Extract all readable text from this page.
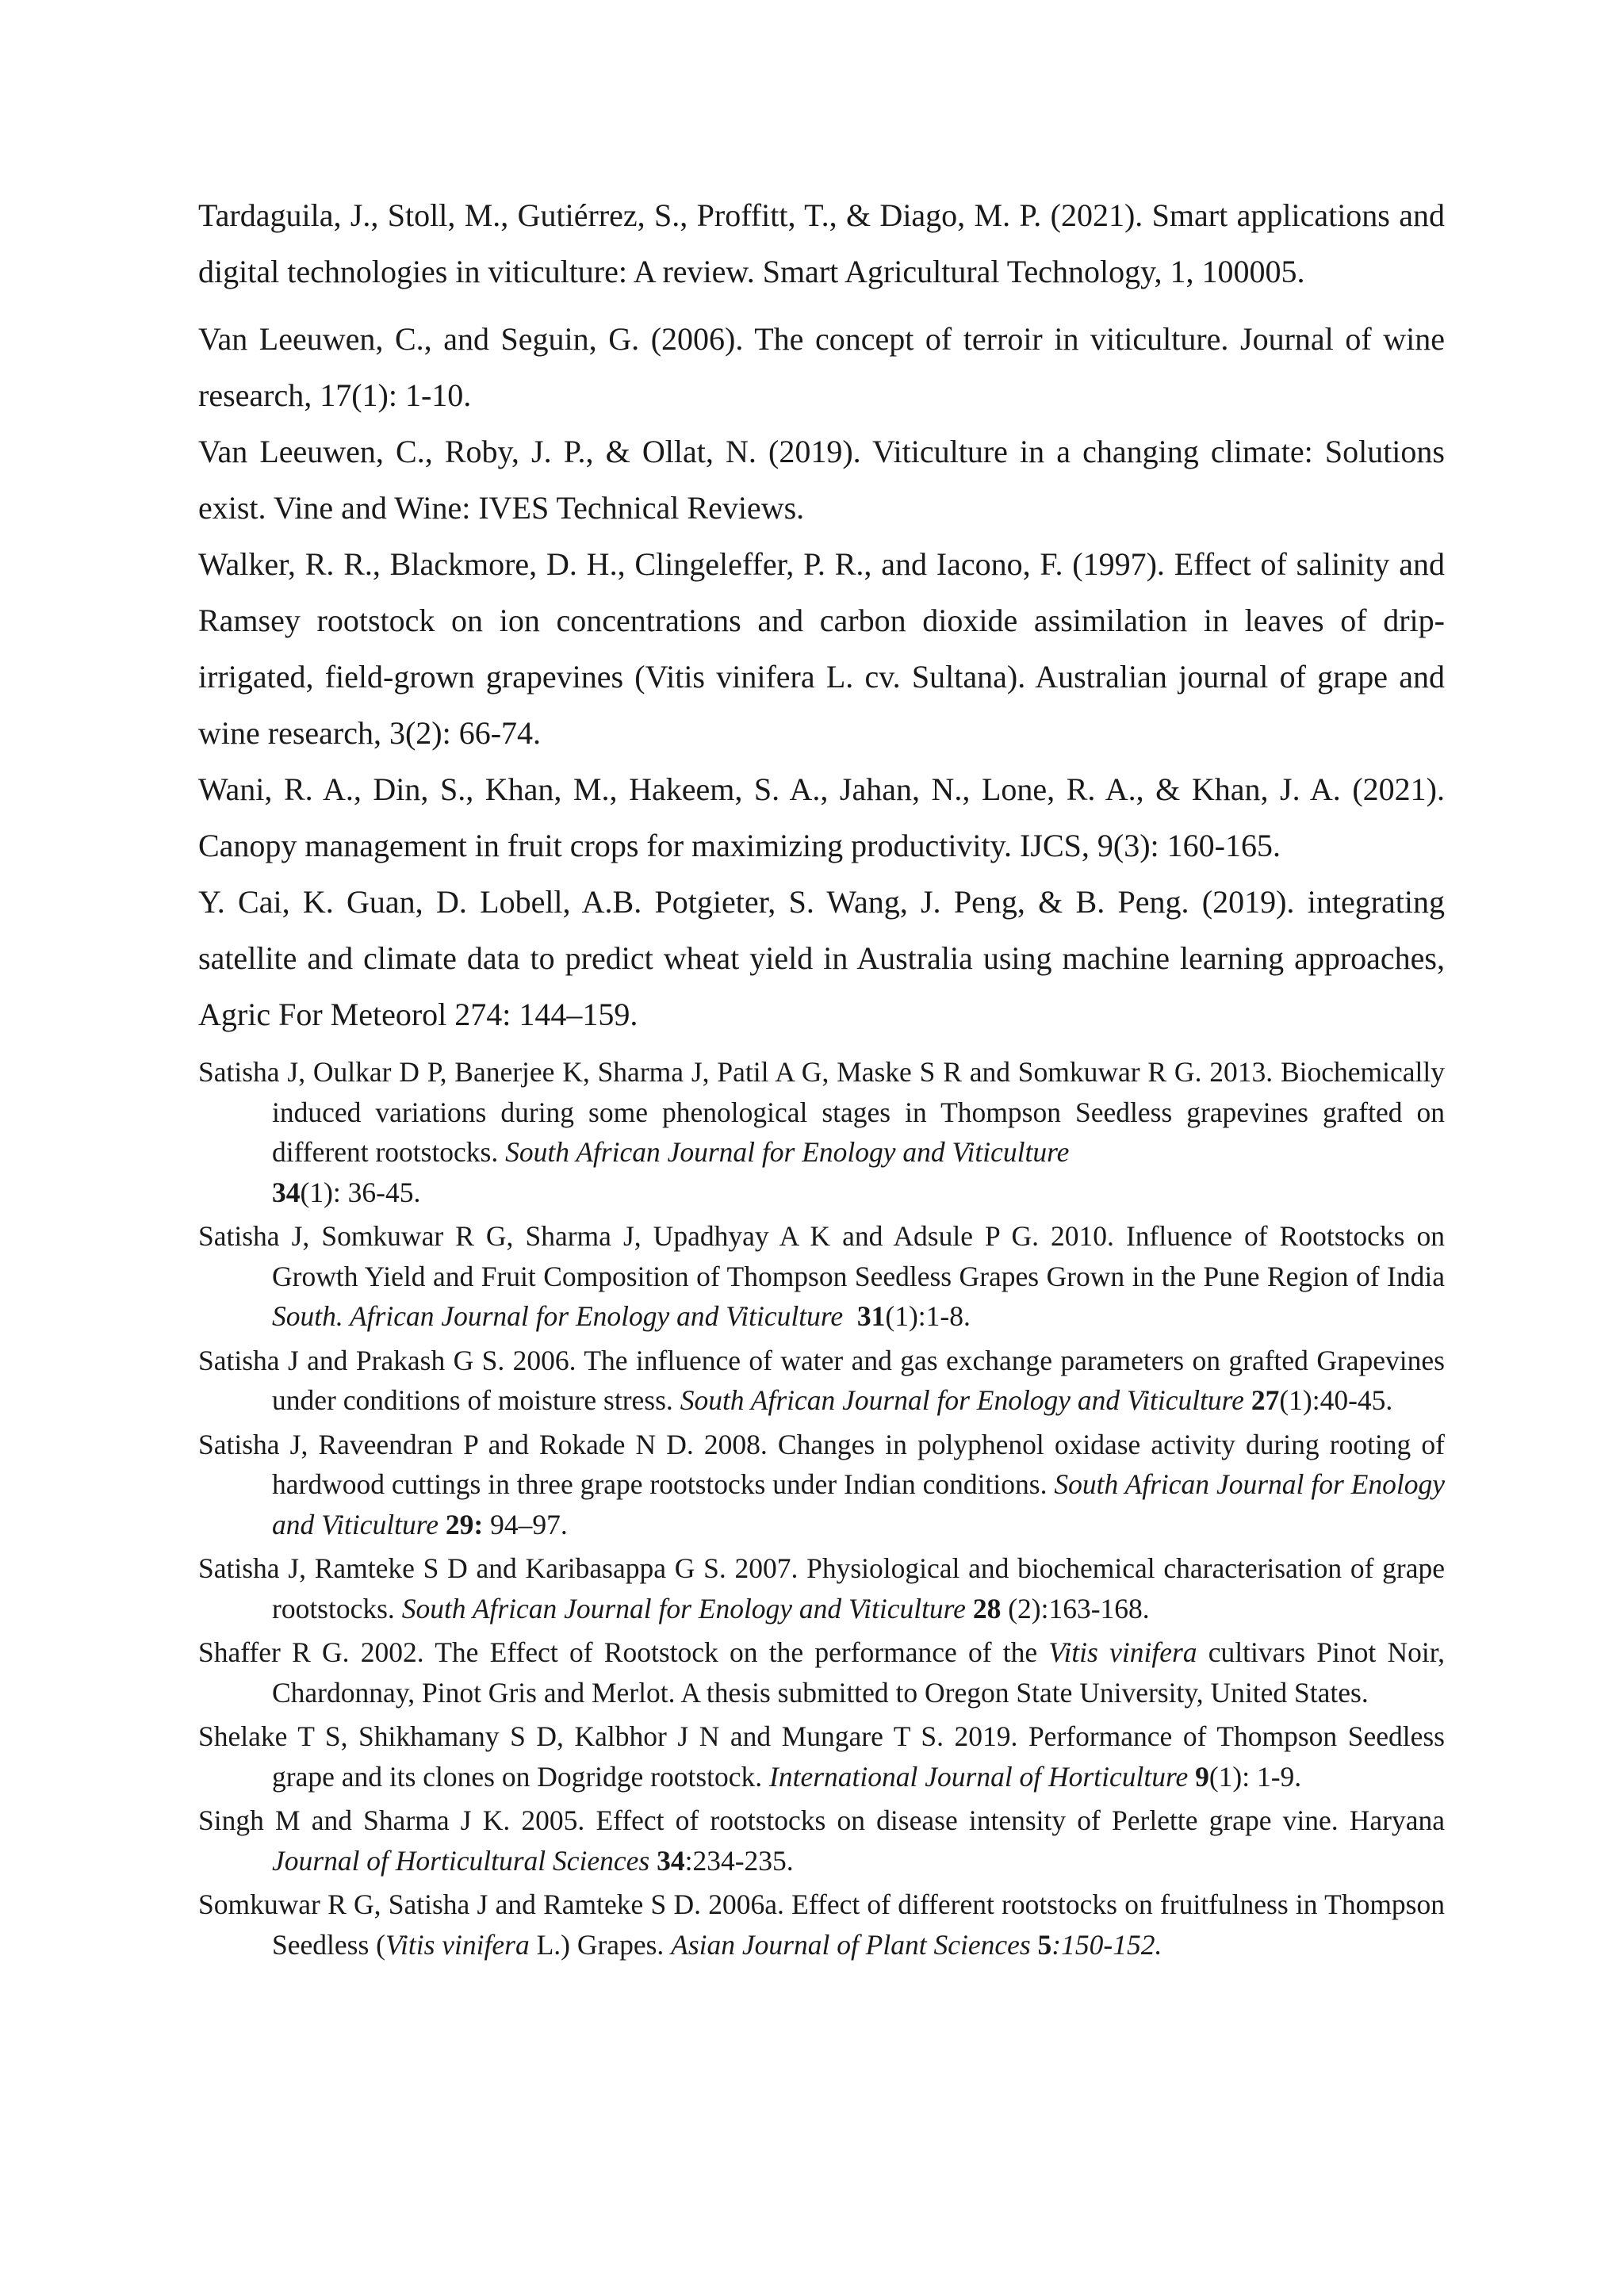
Tardaguila, J., Stoll, M., Gutiérrez, S., Proffitt, T., & Diago, M. P. (2021). Smart applications and digital technologies in viticulture: A review. Smart Agricultural Technology, 1, 100005.

Van Leeuwen, C., and Seguin, G. (2006). The concept of terroir in viticulture. Journal of wine research, 17(1): 1-10.

Van Leeuwen, C., Roby, J. P., & Ollat, N. (2019). Viticulture in a changing climate: Solutions exist. Vine and Wine: IVES Technical Reviews.

Walker, R. R., Blackmore, D. H., Clingeleffer, P. R., and Iacono, F. (1997). Effect of salinity and Ramsey rootstock on ion concentrations and carbon dioxide assimilation in leaves of drip-irrigated, field-grown grapevines (Vitis vinifera L. cv. Sultana). Australian journal of grape and wine research, 3(2): 66-74.

Wani, R. A., Din, S., Khan, M., Hakeem, S. A., Jahan, N., Lone, R. A., & Khan, J. A. (2021). Canopy management in fruit crops for maximizing productivity. IJCS, 9(3): 160-165.

Y. Cai, K. Guan, D. Lobell, A.B. Potgieter, S. Wang, J. Peng, & B. Peng. (2019). integrating satellite and climate data to predict wheat yield in Australia using machine learning approaches, Agric For Meteorol 274: 144–159.

Satisha J, Oulkar D P, Banerjee K, Sharma J, Patil A G, Maske S R and Somkuwar R G. 2013. Biochemically induced variations during some phenological stages in Thompson Seedless grapevines grafted on different rootstocks. South African Journal for Enology and Viticulture
34(1): 36-45.

Satisha J, Somkuwar R G, Sharma J, Upadhyay A K and Adsule P G. 2010. Influence of Rootstocks on Growth Yield and Fruit Composition of Thompson Seedless Grapes Grown in the Pune Region of India South. African Journal for Enology and Viticulture 31(1):1-8.

Satisha J and Prakash G S. 2006. The influence of water and gas exchange parameters on grafted Grapevines under conditions of moisture stress. South African Journal for Enology and Viticulture 27(1):40-45.

Satisha J, Raveendran P and Rokade N D. 2008. Changes in polyphenol oxidase activity during rooting of hardwood cuttings in three grape rootstocks under Indian conditions. South African Journal for Enology and Viticulture 29: 94–97.

Satisha J, Ramteke S D and Karibasappa G S. 2007. Physiological and biochemical characterisation of grape rootstocks. South African Journal for Enology and Viticulture 28 (2):163-168.

Shaffer R G. 2002. The Effect of Rootstock on the performance of the Vitis vinifera cultivars Pinot Noir, Chardonnay, Pinot Gris and Merlot. A thesis submitted to Oregon State University, United States.

Shelake T S, Shikhamany S D, Kalbhor J N and Mungare T S. 2019. Performance of Thompson Seedless grape and its clones on Dogridge rootstock. International Journal of Horticulture 9(1): 1-9.

Singh M and Sharma J K. 2005. Effect of rootstocks on disease intensity of Perlette grape vine. Haryana Journal of Horticultural Sciences 34:234-235.

Somkuwar R G, Satisha J and Ramteke S D. 2006a. Effect of different rootstocks on fruitfulness in Thompson Seedless (Vitis vinifera L.) Grapes. Asian Journal of Plant Sciences 5:150-152.
